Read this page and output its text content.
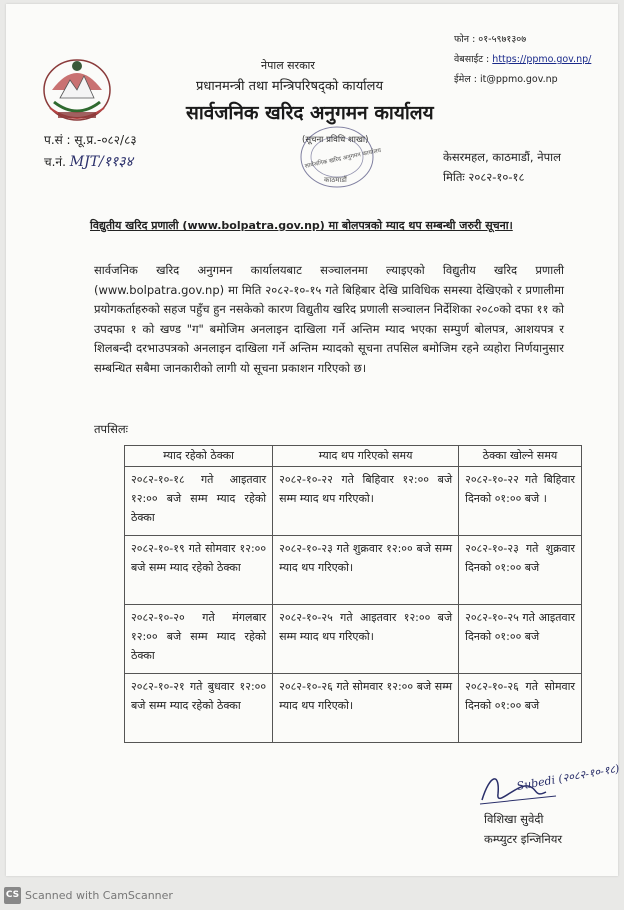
नेपाल सरकार
प्रधानमन्त्री तथा मन्त्रिपरिषद्को कार्यालय
सार्वजनिक खरिद अनुगमन कार्यालय
फोन : ०१-५९७१३०७
वेबसाईट : https://ppmo.gov.np/
ईमेल : it@ppmo.gov.np
प.सं : सू.प्र.-०८२/८३
च.नं. MJT/११३४
(सूचना प्रविधि शाखा)
सार्वजनिक खरिद अनुगमन कार्यालय
काठमाडौं
केसरमहल, काठमाडौं, नेपाल
मितिः २०८२-१०-१८
विद्युतीय खरिद प्रणाली (www.bolpatra.gov.np) मा बोलपत्रको म्याद थप सम्बन्धी जरुरी सूचना।
सार्वजनिक खरिद अनुगमन कार्यालयबाट सञ्चालनमा ल्याइएको विद्युतीय खरिद प्रणाली (www.bolpatra.gov.np) मा मिति २०८२-१०-१५ गते बिहिबार देखि प्राविधिक समस्या देखिएको र प्रणालीमा प्रयोगकर्ताहरुको सहज पहुँच हुन नसकेको कारण विद्युतीय खरिद प्रणाली सञ्चालन निर्देशिका २०८०को दफा ११ को उपदफा १ को खण्ड "ग" बमोजिम अनलाइन दाखिला गर्ने अन्तिम म्याद भएका सम्पुर्ण बोलपत्र, आशयपत्र र शिलबन्दी दरभाउपत्रको अनलाइन दाखिला गर्ने अन्तिम म्यादको सूचना तपसिल बमोजिम रहने व्यहोरा निर्णयानुसार सम्बन्धित सबैमा जानकारीको लागी यो सूचना प्रकाशन गरिएको छ।
तपसिलः
म्याद रहेको ठेक्का	म्याद थप गरिएको समय	ठेक्का खोल्ने समय
२०८२-१०-१८ गते आइतवार १२:०० बजे सम्म म्याद रहेको ठेक्का	२०८२-१०-२२ गते बिहिवार १२:०० बजे सम्म म्याद थप गरिएको।	२०८२-१०-२२ गते बिहिवार दिनको ०१:०० बजे ।
२०८२-१०-१९ गते सोमवार १२:०० बजे सम्म म्याद रहेको ठेक्का	२०८२-१०-२३ गते शुक्रवार १२:०० बजे सम्म म्याद थप गरिएको।	२०८२-१०-२३ गते शुक्रवार दिनको ०१:०० बजे
२०८२-१०-२० गते मंगलबार १२:०० बजे सम्म म्याद रहेको ठेक्का	२०८२-१०-२५ गते आइतवार १२:०० बजे सम्म म्याद थप गरिएको।	२०८२-१०-२५ गते आइतवार दिनको ०१:०० बजे
२०८२-१०-२१ गते बुधवार १२:०० बजे सम्म म्याद रहेको ठेक्का	२०८२-१०-२६ गते सोमवार १२:०० बजे सम्म म्याद थप गरिएको।	२०८२-१०-२६ गते सोमवार दिनको ०१:०० बजे
Subedi (२०८२-१०-१८)
विशिखा सुवेदी
कम्प्युटर इन्जिनियर
CS Scanned with CamScanner
